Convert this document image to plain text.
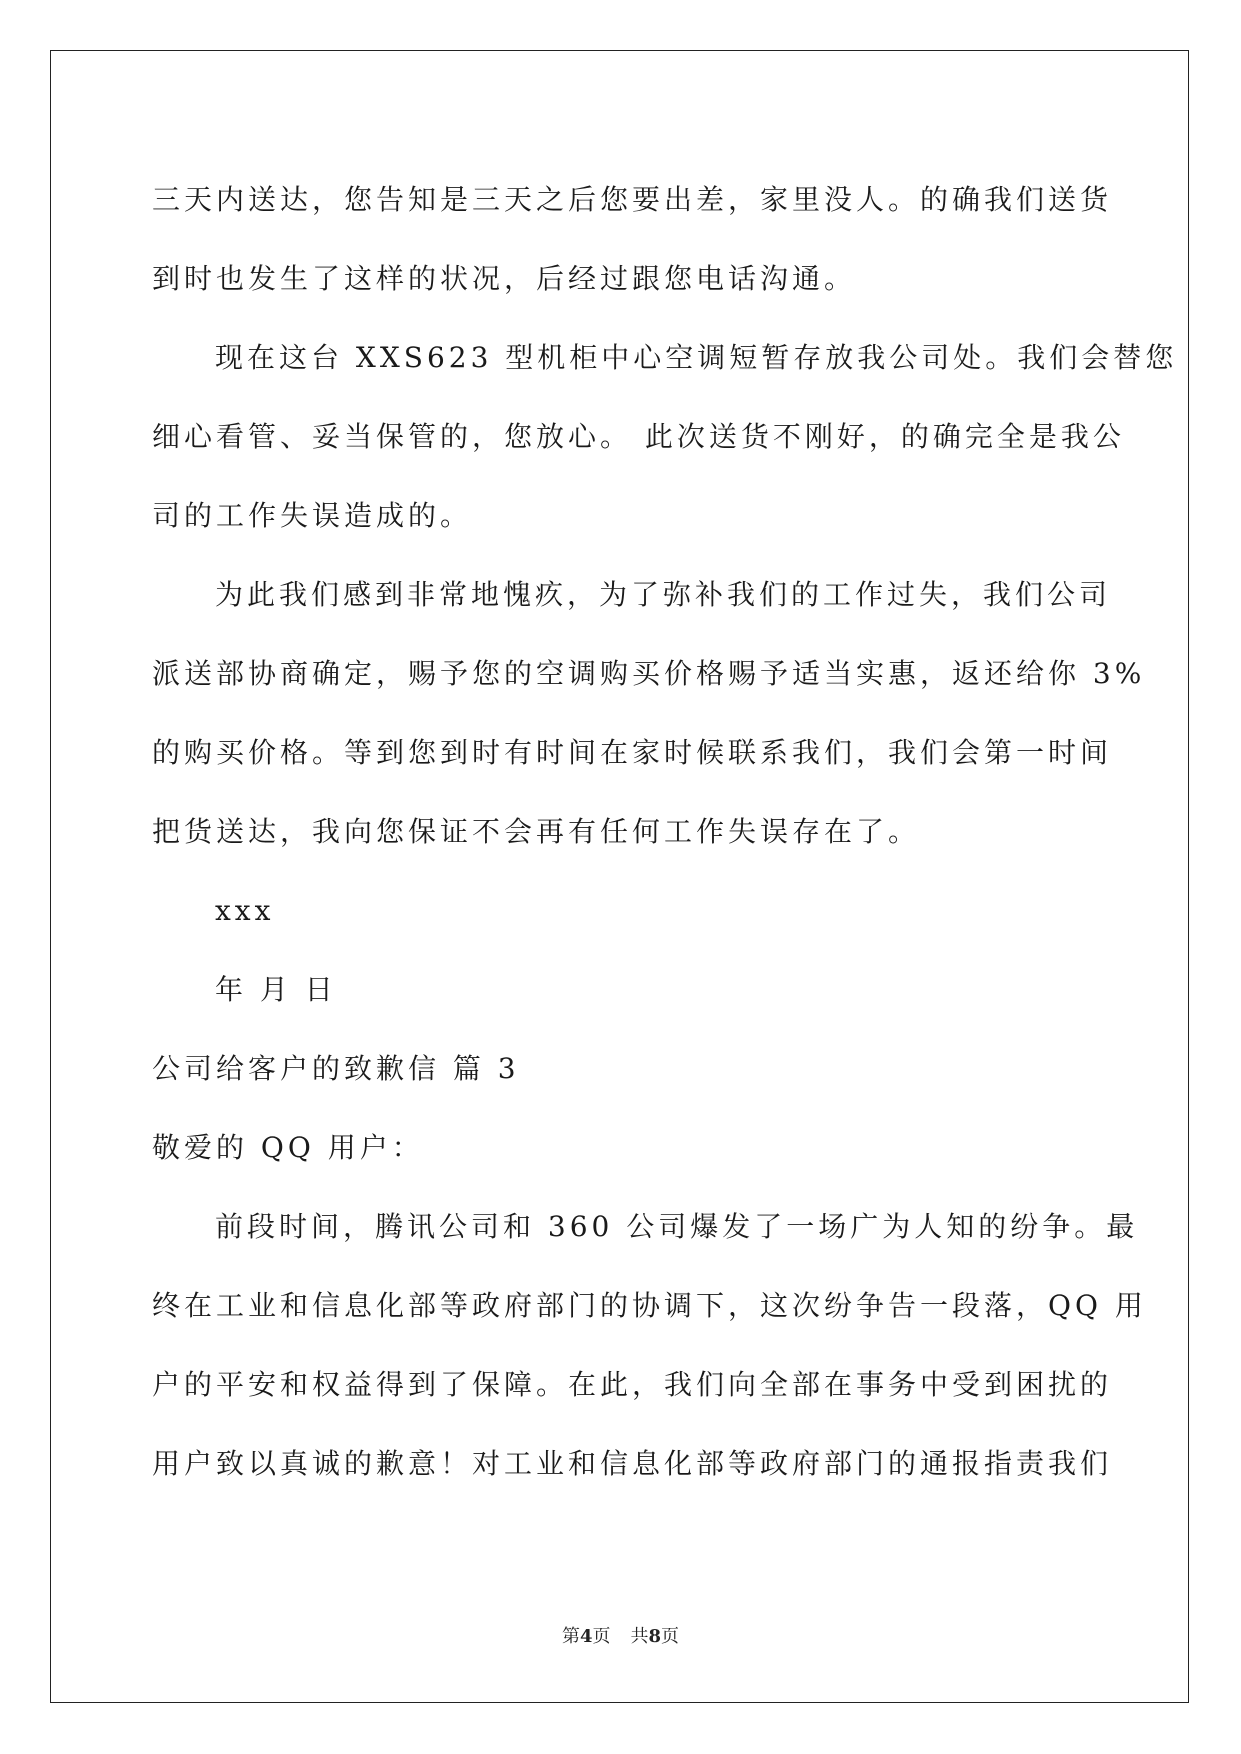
三天内送达，您告知是三天之后您要出差，家里没人。的确我们送货
到时也发生了这样的状况，后经过跟您电话沟通。
现在这台 XXS623 型机柜中心空调短暂存放我公司处。我们会替您
细心看管、妥当保管的，您放心。 此次送货不刚好，的确完全是我公
司的工作失误造成的。
为此我们感到非常地愧疚，为了弥补我们的工作过失，我们公司
派送部协商确定，赐予您的空调购买价格赐予适当实惠，返还给你 3%
的购买价格。等到您到时有时间在家时候联系我们，我们会第一时间
把货送达，我向您保证不会再有任何工作失误存在了。
xxx
年 月 日
公司给客户的致歉信 篇 3
敬爱的 QQ 用户：
前段时间，腾讯公司和 360 公司爆发了一场广为人知的纷争。最
终在工业和信息化部等政府部门的协调下，这次纷争告一段落，QQ 用
户的平安和权益得到了保障。在此，我们向全部在事务中受到困扰的
用户致以真诚的歉意！对工业和信息化部等政府部门的通报指责我们
第4页 共8页
